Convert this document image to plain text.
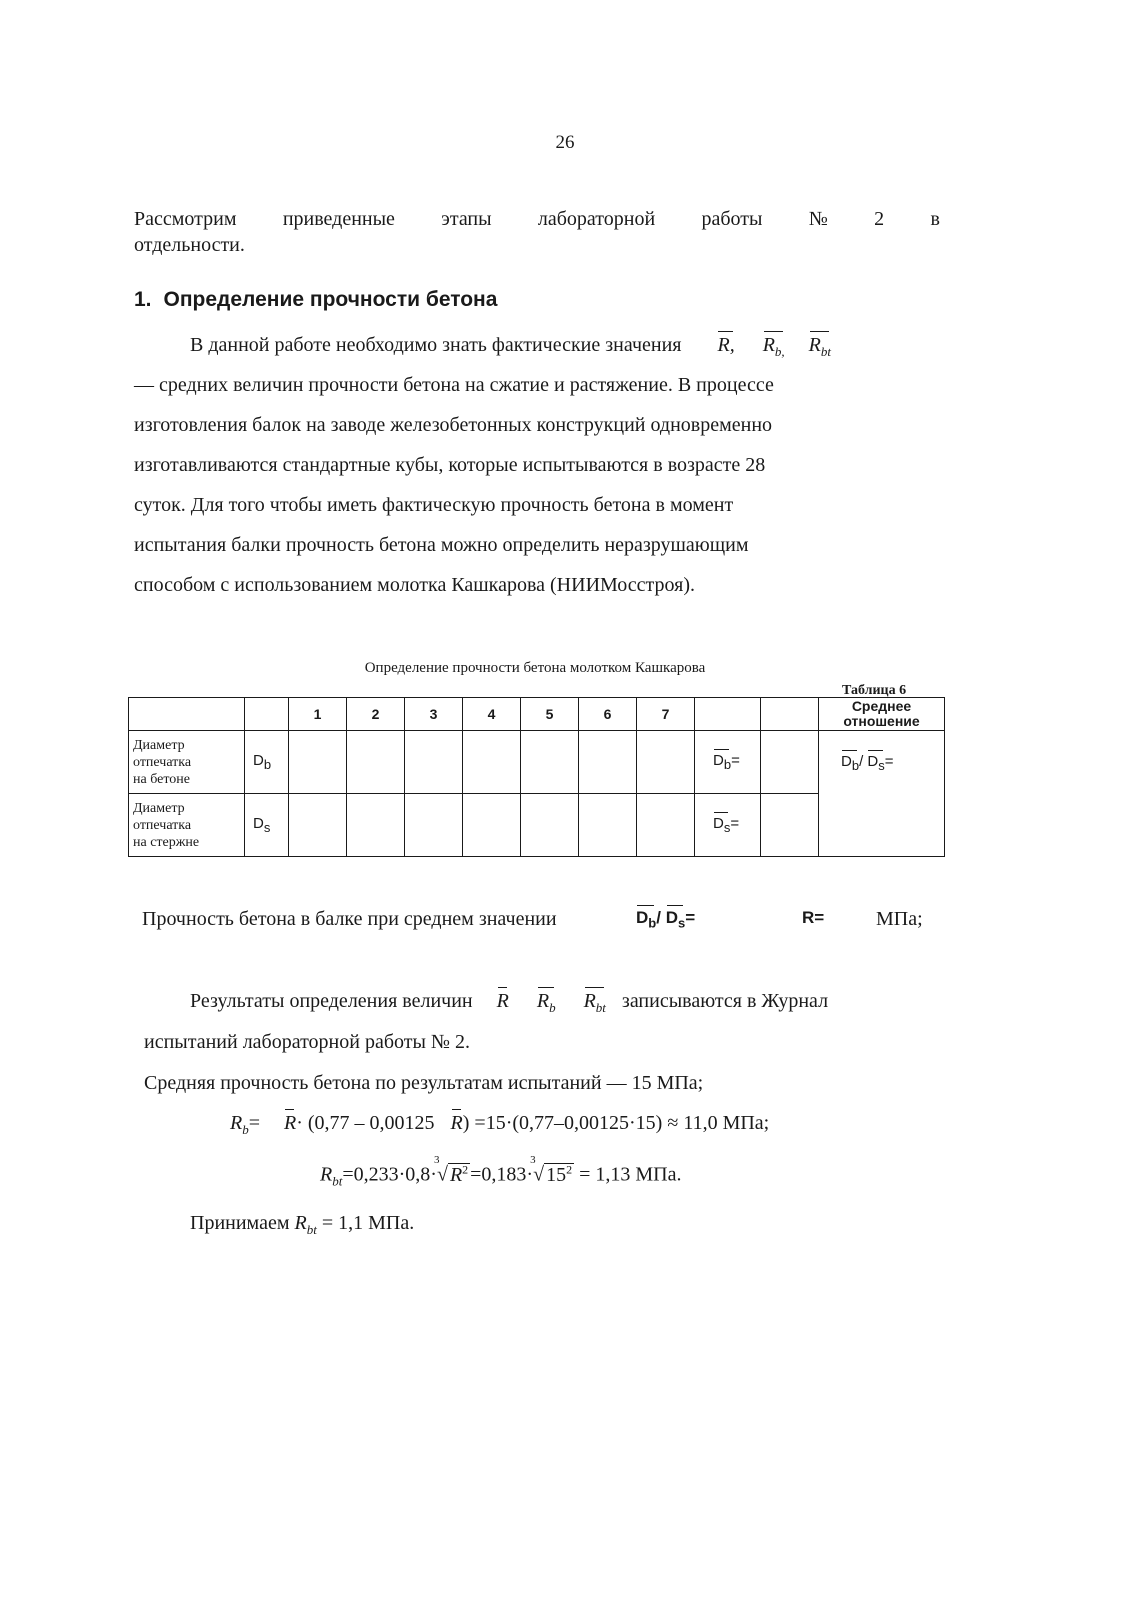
26
Рассмотрим приведенные этапы лабораторной работы № 2 в
отдельности.
1. Определение прочности бетона
В данной работе необходимо знать фактические значения R, $R_{b,}$ $R_{bt}$
— средних величин прочности бетона на сжатие и растяжение. В процессе
изготовления балок на заводе железобетонных конструкций одновременно
изготавливаются стандартные кубы, которые испытываются в возрасте 28
суток. Для того чтобы иметь фактическую прочность бетона в момент
испытания балки прочность бетона можно определить неразрушающим
способом с использованием молотка Кашкарова (НИИМосстроя).
Определение прочности бетона молотком Кашкарова
Таблица 6
		1	2	3	4	5	6	7			Среднее
отношение

Диаметр
отпечатка
на бетоне	$D_b$								$D_b=$		$D_b/$ $D_s=$

Диаметр
отпечатка
на стержне	$D_s$								$D_s=$		
Прочность бетона в балке при среднем значении	$D_b/$ $D_s=$	R=	МПа;
Результаты определения величин R $R_b$ $R_{bt}$ записываются в Журнал
испытаний лабораторной работы № 2.
Средняя прочность бетона по результатам испытаний — 15 МПа;
$R_b= R\cdot (0,77 - 0,00125$ R) =15·(0,77–0,00125·15) ≈ 11,0 МПа;
$R_{bt}=0,233\cdot 0,8\cdot$
3
√ $R^2 =0,183\cdot$
3
√ $15^2 = 1,13$ МПа.
Принимаем $R_{bt} = 1,1$ МПа.
